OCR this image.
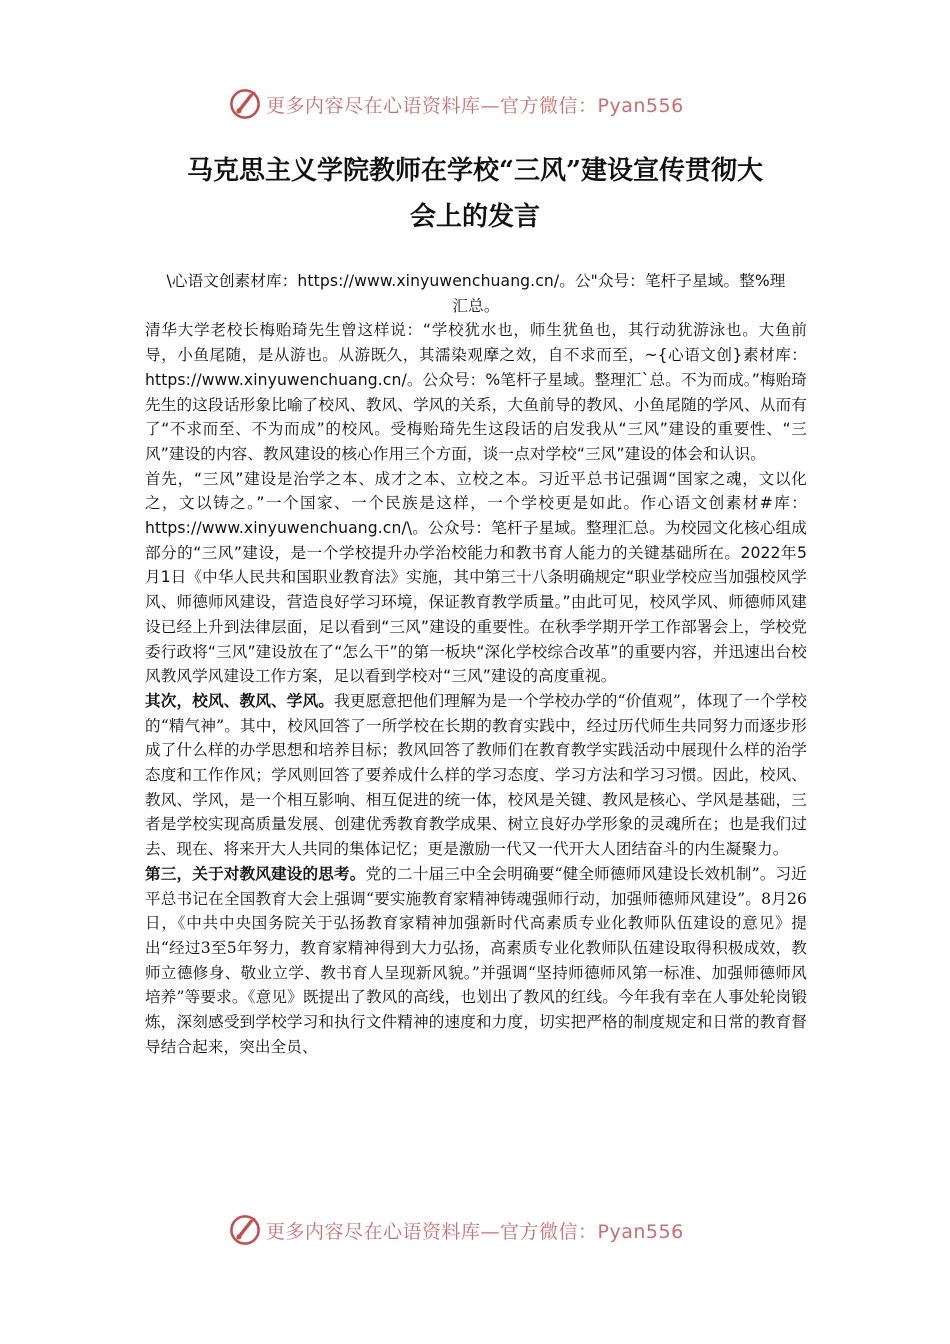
更多内容尽在心语资料库—官方微信：Pyan556
马克思主义学院教师在学校“三风”建设宣传贯彻大
会上的发言

\心语文创素材库：https://www.xinyuwenchuang.cn/。公"众号：笔杆子星域。整%理
汇总。

清华大学老校长梅贻琦先生曾这样说：“学校犹水也，师生犹鱼也，其行动犹游泳也。大鱼前导，小鱼尾随，是从游也。从游既久，其濡染观摩之效，自不求而至，~{心语文创}素材库：https://www.xinyuwenchuang.cn/。公众号：%笔杆子星域。整理汇`总。不为而成。”梅贻琦先生的这段话形象比喻了校风、教风、学风的关系，大鱼前导的教风、小鱼尾随的学风、从而有了“不求而至、不为而成”的校风。受梅贻琦先生这段话的启发我从“三风”建设的重要性、“三风”建设的内容、教风建设的核心作用三个方面，谈一点对学校“三风”建设的体会和认识。

首先，“三风”建设是治学之本、成才之本、立校之本。习近平总书记强调“国家之魂，文以化之，文以铸之。”一个国家、一个民族是这样，一个学校更是如此。作心语文创素材#库：https://www.xinyuwenchuang.cn/\。公众号：笔杆子星域。整理汇总。为校园文化核心组成部分的“三风”建设，是一个学校提升办学治校能力和教书育人能力的关键基础所在。2022年5月1日《中华人民共和国职业教育法》实施，其中第三十八条明确规定“职业学校应当加强校风学风、师德师风建设，营造良好学习环境，保证教育教学质量。”由此可见，校风学风、师德师风建设已经上升到法律层面，足以看到“三风”建设的重要性。在秋季学期开学工作部署会上，学校党委行政将“三风”建设放在了“怎么干”的第一板块“深化学校综合改革”的重要内容，并迅速出台校风教风学风建设工作方案，足以看到学校对“三风”建设的高度重视。

其次，校风、教风、学风。我更愿意把他们理解为是一个学校办学的“价值观”，体现了一个学校的“精气神”。其中，校风回答了一所学校在长期的教育实践中，经过历代师生共同努力而逐步形成了什么样的办学思想和培养目标；教风回答了教师们在教育教学实践活动中展现什么样的治学态度和工作作风；学风则回答了要养成什么样的学习态度、学习方法和学习习惯。因此，校风、教风、学风，是一个相互影响、相互促进的统一体，校风是关键、教风是核心、学风是基础，三者是学校实现高质量发展、创建优秀教育教学成果、树立良好办学形象的灵魂所在；也是我们过去、现在、将来开大人共同的集体记忆；更是激励一代又一代开大人团结奋斗的内生凝聚力。

第三，关于对教风建设的思考。党的二十届三中全会明确要“健全师德师风建设长效机制”。习近平总书记在全国教育大会上强调“要实施教育家精神铸魂强师行动，加强师德师风建设”。8月26日，《中共中央国务院关于弘扬教育家精神加强新时代高素质专业化教师队伍建设的意见》提出“经过3至5年努力，教育家精神得到大力弘扬，高素质专业化教师队伍建设取得积极成效，教师立德修身、敬业立学、教书育人呈现新风貌。”并强调“坚持师德师风第一标准、加强师德师风培养”等要求。《意见》既提出了教风的高线，也划出了教风的红线。今年我有幸在人事处轮岗锻炼，深刻感受到学校学习和执行文件精神的速度和力度，切实把严格的制度规定和日常的教育督导结合起来，突出全员、

更多内容尽在心语资料库—官方微信：Pyan556
